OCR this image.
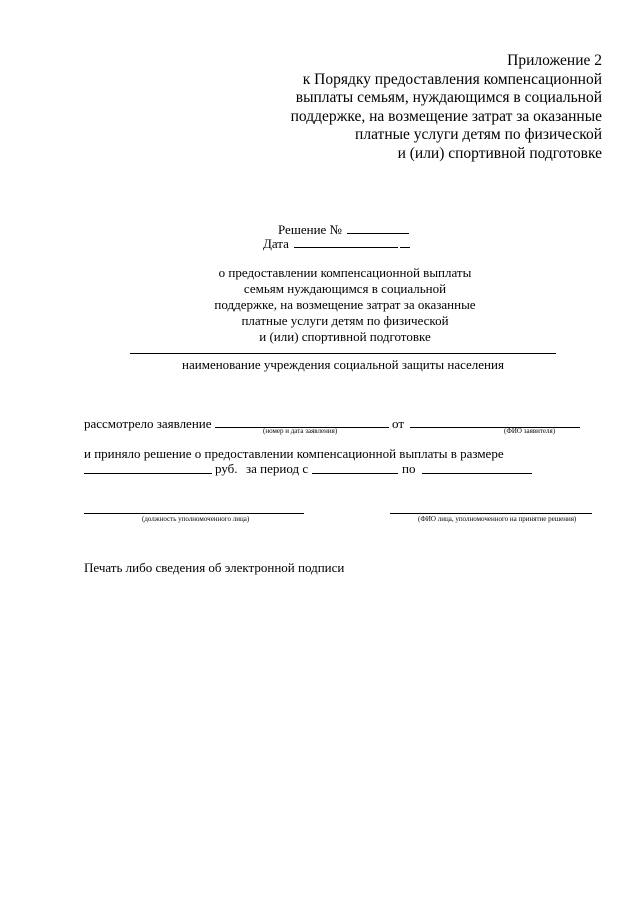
Приложение 2
к Порядку предоставления компенсационной
выплаты семьям, нуждающимся в социальной
поддержке, на возмещение затрат за оказанные
платные услуги детям по физической
и (или) спортивной подготовке
Решение №
Дата
о предоставлении компенсационной выплаты
семьям нуждающимся в социальной
поддержке, на возмещение затрат за оказанные
платные услуги детям по физической
и (или) спортивной подготовке
наименование учреждения социальной защиты населения
рассмотрело заявление	(номер и дата заявления)	от	(ФИО заявителя)
и приняло решение о предоставлении компенсационной выплаты в размере
руб. за период с	по
(должность уполномоченного лица)	(ФИО лица, уполномоченного на принятие решения)
Печать либо сведения об электронной подписи
